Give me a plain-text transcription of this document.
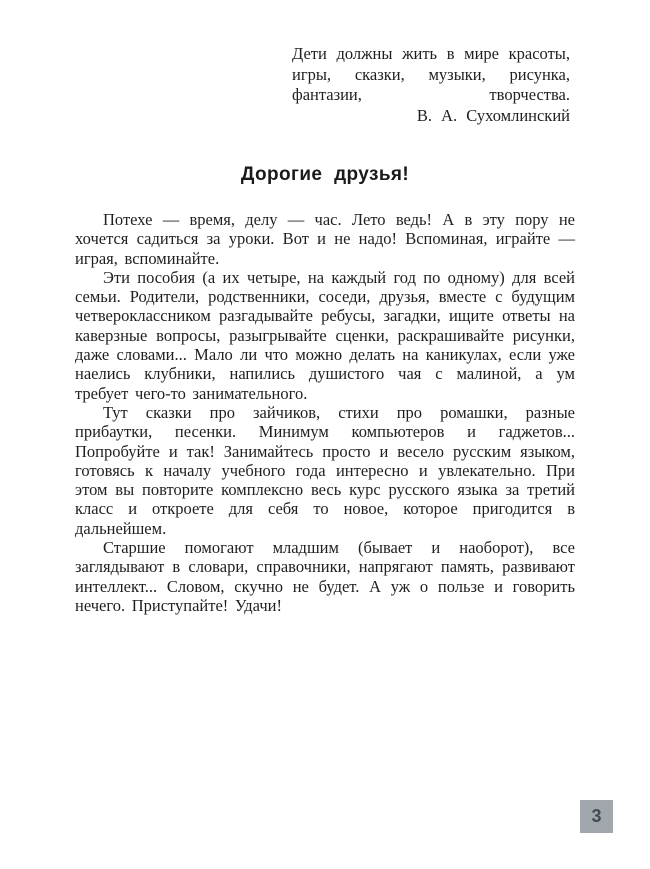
Дети должны жить в мире красоты, игры, сказки, музыки, рисунка, фантазии, творчества.

В. А. Сухомлинский

Дорогие друзья!

Потехе — время, делу — час. Лето ведь! А в эту пору не хочется садиться за уроки. Вот и не надо! Вспоминая, играйте — играя, вспоминайте.

Эти пособия (а их четыре, на каждый год по одному) для всей семьи. Родители, родственники, соседи, друзья, вместе с будущим четвероклассником разгадывайте ребусы, загадки, ищите ответы на каверзные вопросы, разыгрывайте сценки, раскрашивайте рисунки, даже словами... Мало ли что можно делать на каникулах, если уже наелись клубники, напились душистого чая с малиной, а ум требует чего-то занимательного.

Тут сказки про зайчиков, стихи про ромашки, разные прибаутки, песенки. Минимум компьютеров и гаджетов... Попробуйте и так! Занимайтесь просто и весело русским языком, готовясь к началу учебного года интересно и увлекательно. При этом вы повторите комплексно весь курс русского языка за третий класс и откроете для себя то новое, которое пригодится в дальнейшем.

Старшие помогают младшим (бывает и наоборот), все заглядывают в словари, справочники, напрягают память, развивают интеллект... Словом, скучно не будет. А уж о пользе и говорить нечего. Приступайте! Удачи!

3
